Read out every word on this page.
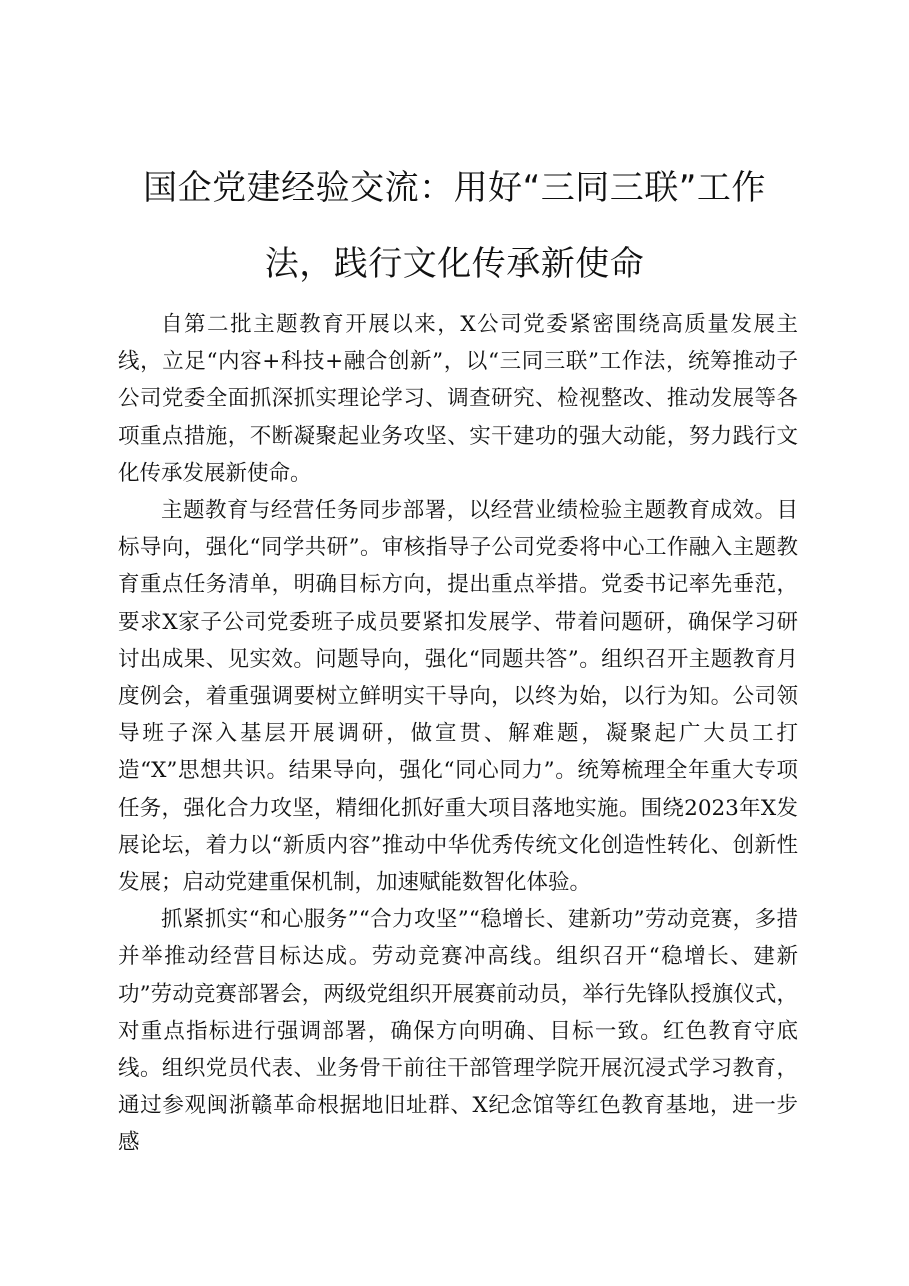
国企党建经验交流：用好“三同三联”工作法，践行文化传承新使命

自第二批主题教育开展以来，X公司党委紧密围绕高质量发展主线，立足“内容+科技+融合创新”，以“三同三联”工作法，统筹推动子公司党委全面抓深抓实理论学习、调查研究、检视整改、推动发展等各项重点措施，不断凝聚起业务攻坚、实干建功的强大动能，努力践行文化传承发展新使命。

主题教育与经营任务同步部署，以经营业绩检验主题教育成效。目标导向，强化“同学共研”。审核指导子公司党委将中心工作融入主题教育重点任务清单，明确目标方向，提出重点举措。党委书记率先垂范，要求X家子公司党委班子成员要紧扣发展学、带着问题研，确保学习研讨出成果、见实效。问题导向，强化“同题共答”。组织召开主题教育月度例会，着重强调要树立鲜明实干导向，以终为始，以行为知。公司领导班子深入基层开展调研，做宣贯、解难题，凝聚起广大员工打造“X”思想共识。结果导向，强化“同心同力”。统筹梳理全年重大专项任务，强化合力攻坚，精细化抓好重大项目落地实施。围绕2023年X发展论坛，着力以“新质内容”推动中华优秀传统文化创造性转化、创新性发展；启动党建重保机制，加速赋能数智化体验。

抓紧抓实“和心服务”“合力攻坚”“稳增长、建新功”劳动竞赛，多措并举推动经营目标达成。劳动竞赛冲高线。组织召开“稳增长、建新功”劳动竞赛部署会，两级党组织开展赛前动员，举行先锋队授旗仪式，对重点指标进行强调部署，确保方向明确、目标一致。红色教育守底线。组织党员代表、业务骨干前往干部管理学院开展沉浸式学习教育，通过参观闽浙赣革命根据地旧址群、X纪念馆等红色教育基地，进一步感
